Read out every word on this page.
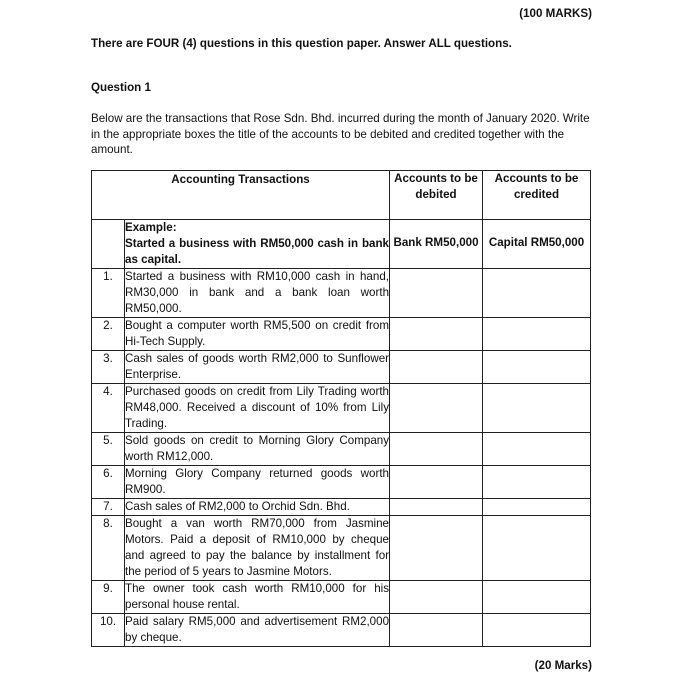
(100 MARKS)
There are FOUR (4) questions in this question paper. Answer ALL questions.
Question 1
Below are the transactions that Rose Sdn. Bhd. incurred during the month of January 2020. Write in the appropriate boxes the title of the accounts to be debited and credited together with the amount.
Accounting Transactions		Accounts to be debited	Accounts to be credited

	Example:
Started a business with RM50,000 cash in bank as capital.	Bank RM50,000	Capital RM50,000
1.	Started a business with RM10,000 cash in hand, RM30,000 in bank and a bank loan worth RM50,000.		
2.	Bought a computer worth RM5,500 on credit from Hi-Tech Supply.		
3.	Cash sales of goods worth RM2,000 to Sunflower Enterprise.		
4.	Purchased goods on credit from Lily Trading worth RM48,000. Received a discount of 10% from Lily Trading.		
5.	Sold goods on credit to Morning Glory Company worth RM12,000.		
6.	Morning Glory Company returned goods worth RM900.		
7.	Cash sales of RM2,000 to Orchid Sdn. Bhd.		
8.	Bought a van worth RM70,000 from Jasmine Motors. Paid a deposit of RM10,000 by cheque and agreed to pay the balance by installment for the period of 5 years to Jasmine Motors.		
9.	The owner took cash worth RM10,000 for his personal house rental.		
10.	Paid salary RM5,000 and advertisement RM2,000 by cheque.		
(20 Marks)
